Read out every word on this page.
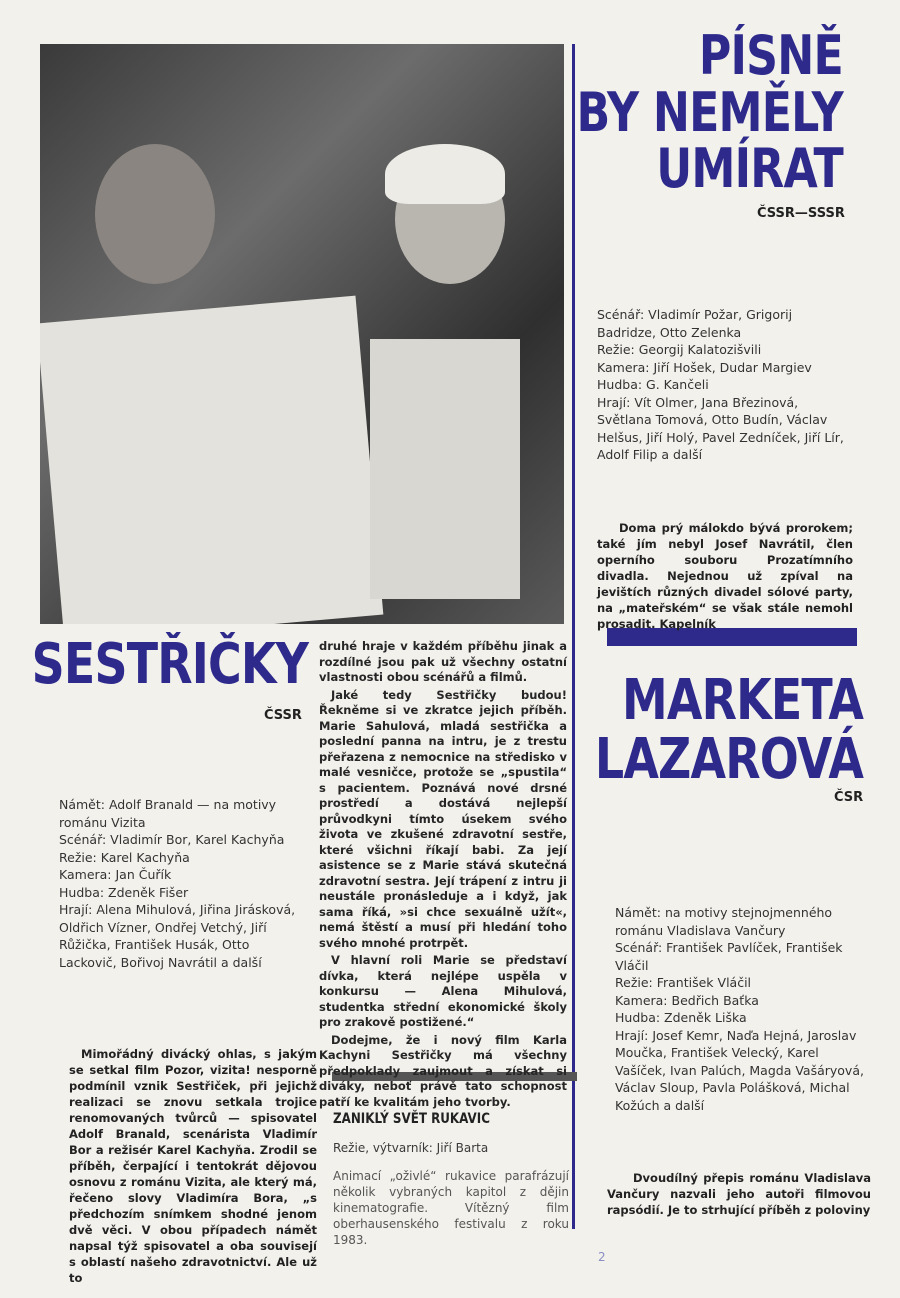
PÍSNĚ
BY NEMĚLY
UMÍRAT
ČSSR—SSSR
Scénář: Vladimír Požar, Grigorij Badridze, Otto Zelenka
Režie: Georgij Kalatozišvili
Kamera: Jiří Hošek, Dudar Margiev
Hudba: G. Kančeli
Hrají: Vít Olmer, Jana Březinová, Světlana Tomová, Otto Budín, Václav Helšus, Jiří Holý, Pavel Zedníček, Jiří Lír, Adolf Filip a další
Doma prý málokdo bývá prorokem; také jím nebyl Josef Navrátil, člen operního souboru Prozatímního divadla. Nejednou už zpíval na jevištích různých divadel sólové party, na „mateřském“ se však stále nemohl prosadit. Kapelník
SESTŘIČKY
ČSSR
Námět: Adolf Branald — na motivy románu Vizita
Scénář: Vladimír Bor, Karel Kachyňa
Režie: Karel Kachyňa
Kamera: Jan Čuřík
Hudba: Zdeněk Fišer
Hrají: Alena Mihulová, Jiřina Jirásková, Oldřich Vízner, Ondřej Vetchý, Jiří Růžička, František Husák, Otto Lackovič, Bořivoj Navrátil a další
Mimořádný divácký ohlas, s jakým se setkal film Pozor, vizita! nesporně podmínil vznik Sestřiček, při jejichž realizaci se znovu setkala trojice renomovaných tvůrců — spisovatel Adolf Branald, scenárista Vladimír Bor a režisér Karel Kachyňa. Zrodil se příběh, čerpající i tentokrát dějovou osnovu z románu Vizita, ale který má, řečeno slovy Vladimíra Bora, „s předchozím snímkem shodné jenom dvě věci. V obou případech námět napsal týž spisovatel a oba souvisejí s oblastí našeho zdravotnictví. Ale už to
druhé hraje v každém příběhu jinak a rozdílné jsou pak už všechny ostatní vlastnosti obou scénářů a filmů.
Jaké tedy Sestřičky budou! Řekněme si ve zkratce jejich příběh. Marie Sahulová, mladá sestřička a poslední panna na intru, je z trestu přeřazena z nemocnice na středisko v malé vesničce, protože se „spustila“ s pacientem. Poznává nové drsné prostředí a dostává nejlepší průvodkyni tímto úsekem svého života ve zkušené zdravotní sestře, které všichni říkají babi. Za její asistence se z Marie stává skutečná zdravotní sestra. Její trápení z intru ji neustále pronásleduje a i když, jak sama říká, »si chce sexuálně užít«, nemá štěstí a musí při hledání toho svého mnohé protrpět.
V hlavní roli Marie se představí dívka, která nejlépe uspěla v konkursu — Alena Mihulová, studentka střední ekonomické školy pro zrakově postižené.“
Dodejme, že i nový film Karla Kachyni Sestřičky má všechny předpoklady zaujmout a získat si diváky, neboť právě tato schopnost patří ke kvalitám jeho tvorby.
ZANIKLÝ SVĚT RUKAVIC
Režie, výtvarník: Jiří Barta
Animací „oživlé“ rukavice parafrázují několik vybraných kapitol z dějin kinematografie. Vítězný film oberhausenského festivalu z roku 1983.
MARKETA
LAZAROVÁ
ČSR
Námět: na motivy stejnojmenného románu Vladislava Vančury
Scénář: František Pavlíček, František Vláčil
Režie: František Vláčil
Kamera: Bedřich Baťka
Hudba: Zdeněk Liška
Hrají: Josef Kemr, Naďa Hejná, Jaroslav Moučka, František Velecký, Karel Vašíček, Ivan Palúch, Magda Vašáryová, Václav Sloup, Pavla Polášková, Michal Kožúch a další
Dvoudílný přepis románu Vladislava Vančury nazvali jeho autoři filmovou rapsódií. Je to strhující příběh z poloviny
2
